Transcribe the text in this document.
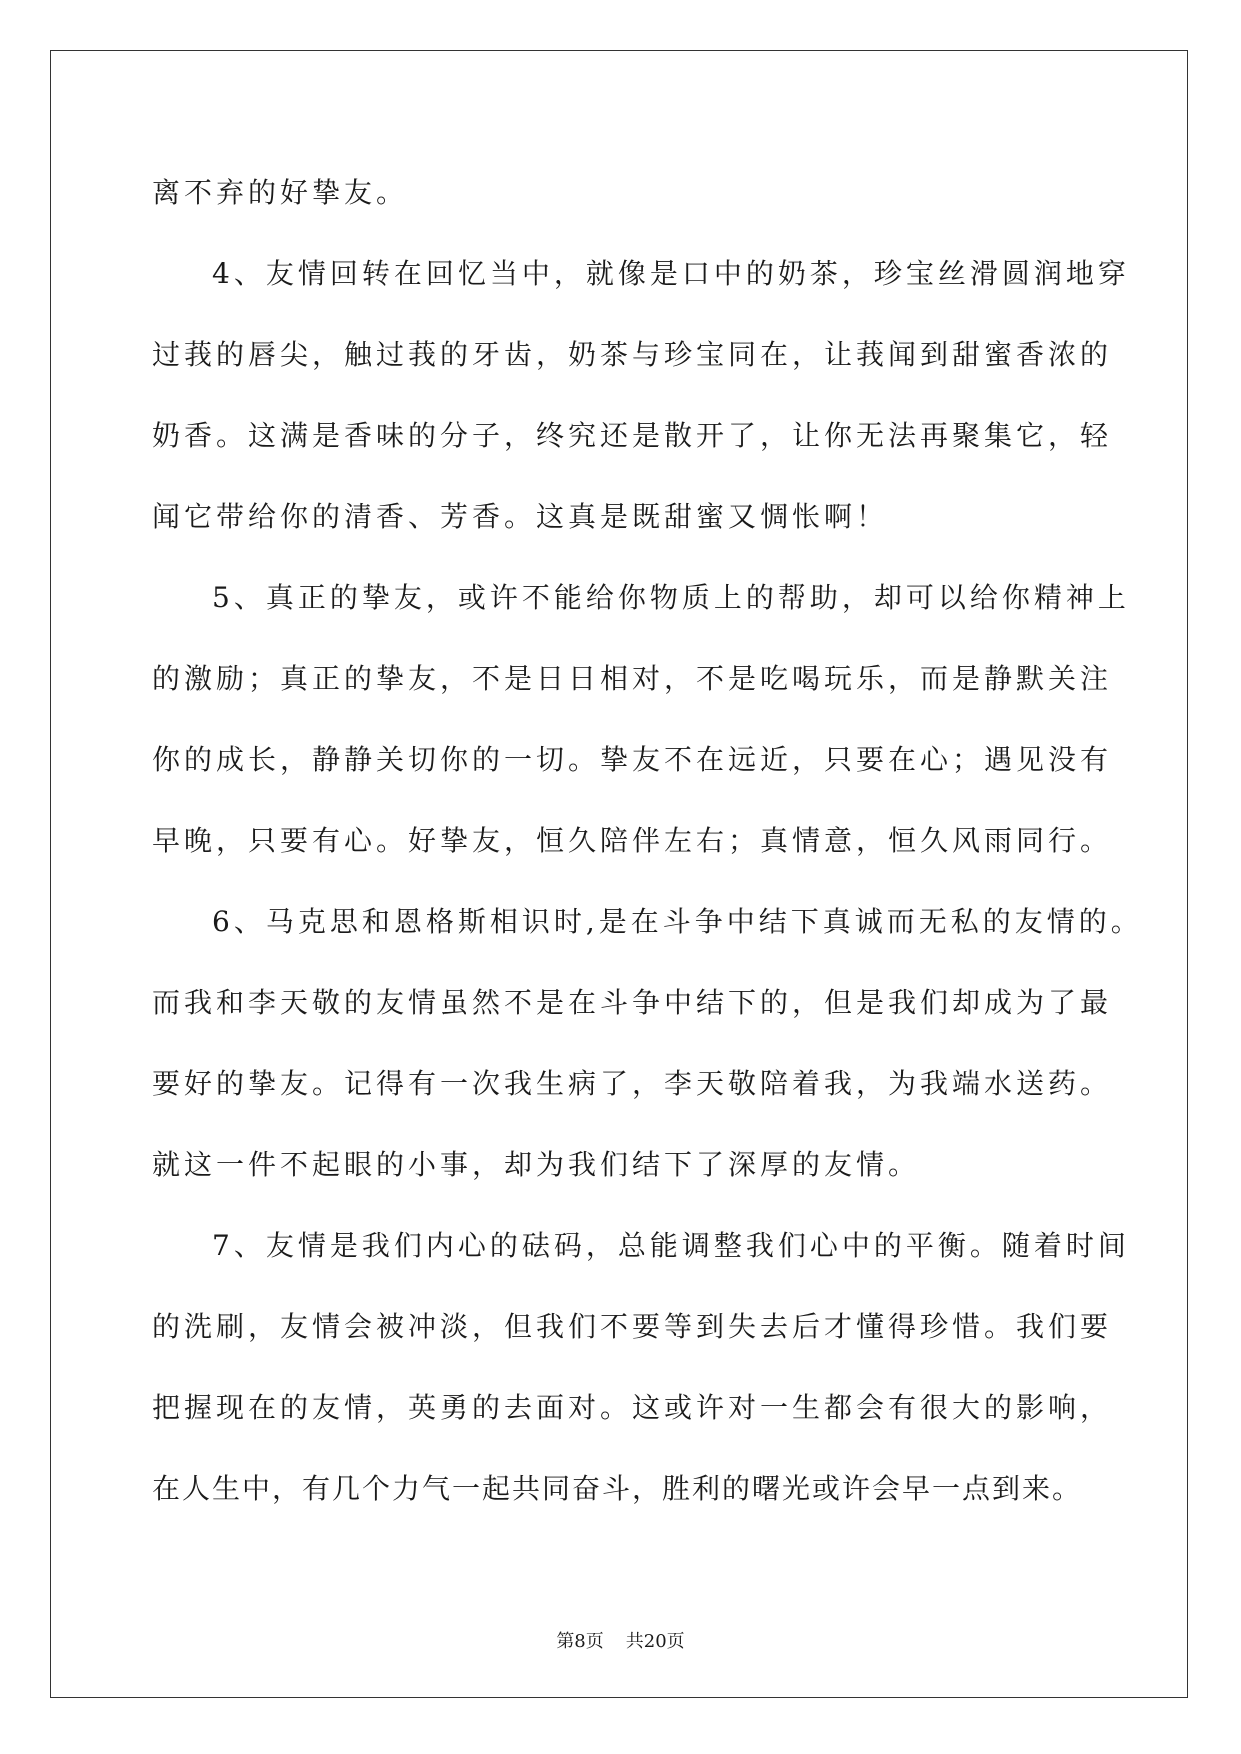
离不弃的好挚友。
4、友情回转在回忆当中，就像是口中的奶茶，珍宝丝滑圆润地穿
过莪的唇尖，触过莪的牙齿，奶茶与珍宝同在，让莪闻到甜蜜香浓的
奶香。这满是香味的分子，终究还是散开了，让你无法再聚集它，轻
闻它带给你的清香、芳香。这真是既甜蜜又惆怅啊！
5、真正的挚友，或许不能给你物质上的帮助，却可以给你精神上
的激励；真正的挚友，不是日日相对，不是吃喝玩乐，而是静默关注
你的成长，静静关切你的一切。挚友不在远近，只要在心；遇见没有
早晚，只要有心。好挚友，恒久陪伴左右；真情意，恒久风雨同行。
6、马克思和恩格斯相识时,是在斗争中结下真诚而无私的友情的。
而我和李天敬的友情虽然不是在斗争中结下的，但是我们却成为了最
要好的挚友。记得有一次我生病了，李天敬陪着我，为我端水送药。
就这一件不起眼的小事，却为我们结下了深厚的友情。
7、友情是我们内心的砝码，总能调整我们心中的平衡。随着时间
的洗刷，友情会被冲淡，但我们不要等到失去后才懂得珍惜。我们要
把握现在的友情，英勇的去面对。这或许对一生都会有很大的影响，
在人生中，有几个力气一起共同奋斗，胜利的曙光或许会早一点到来。
第8页 共20页
